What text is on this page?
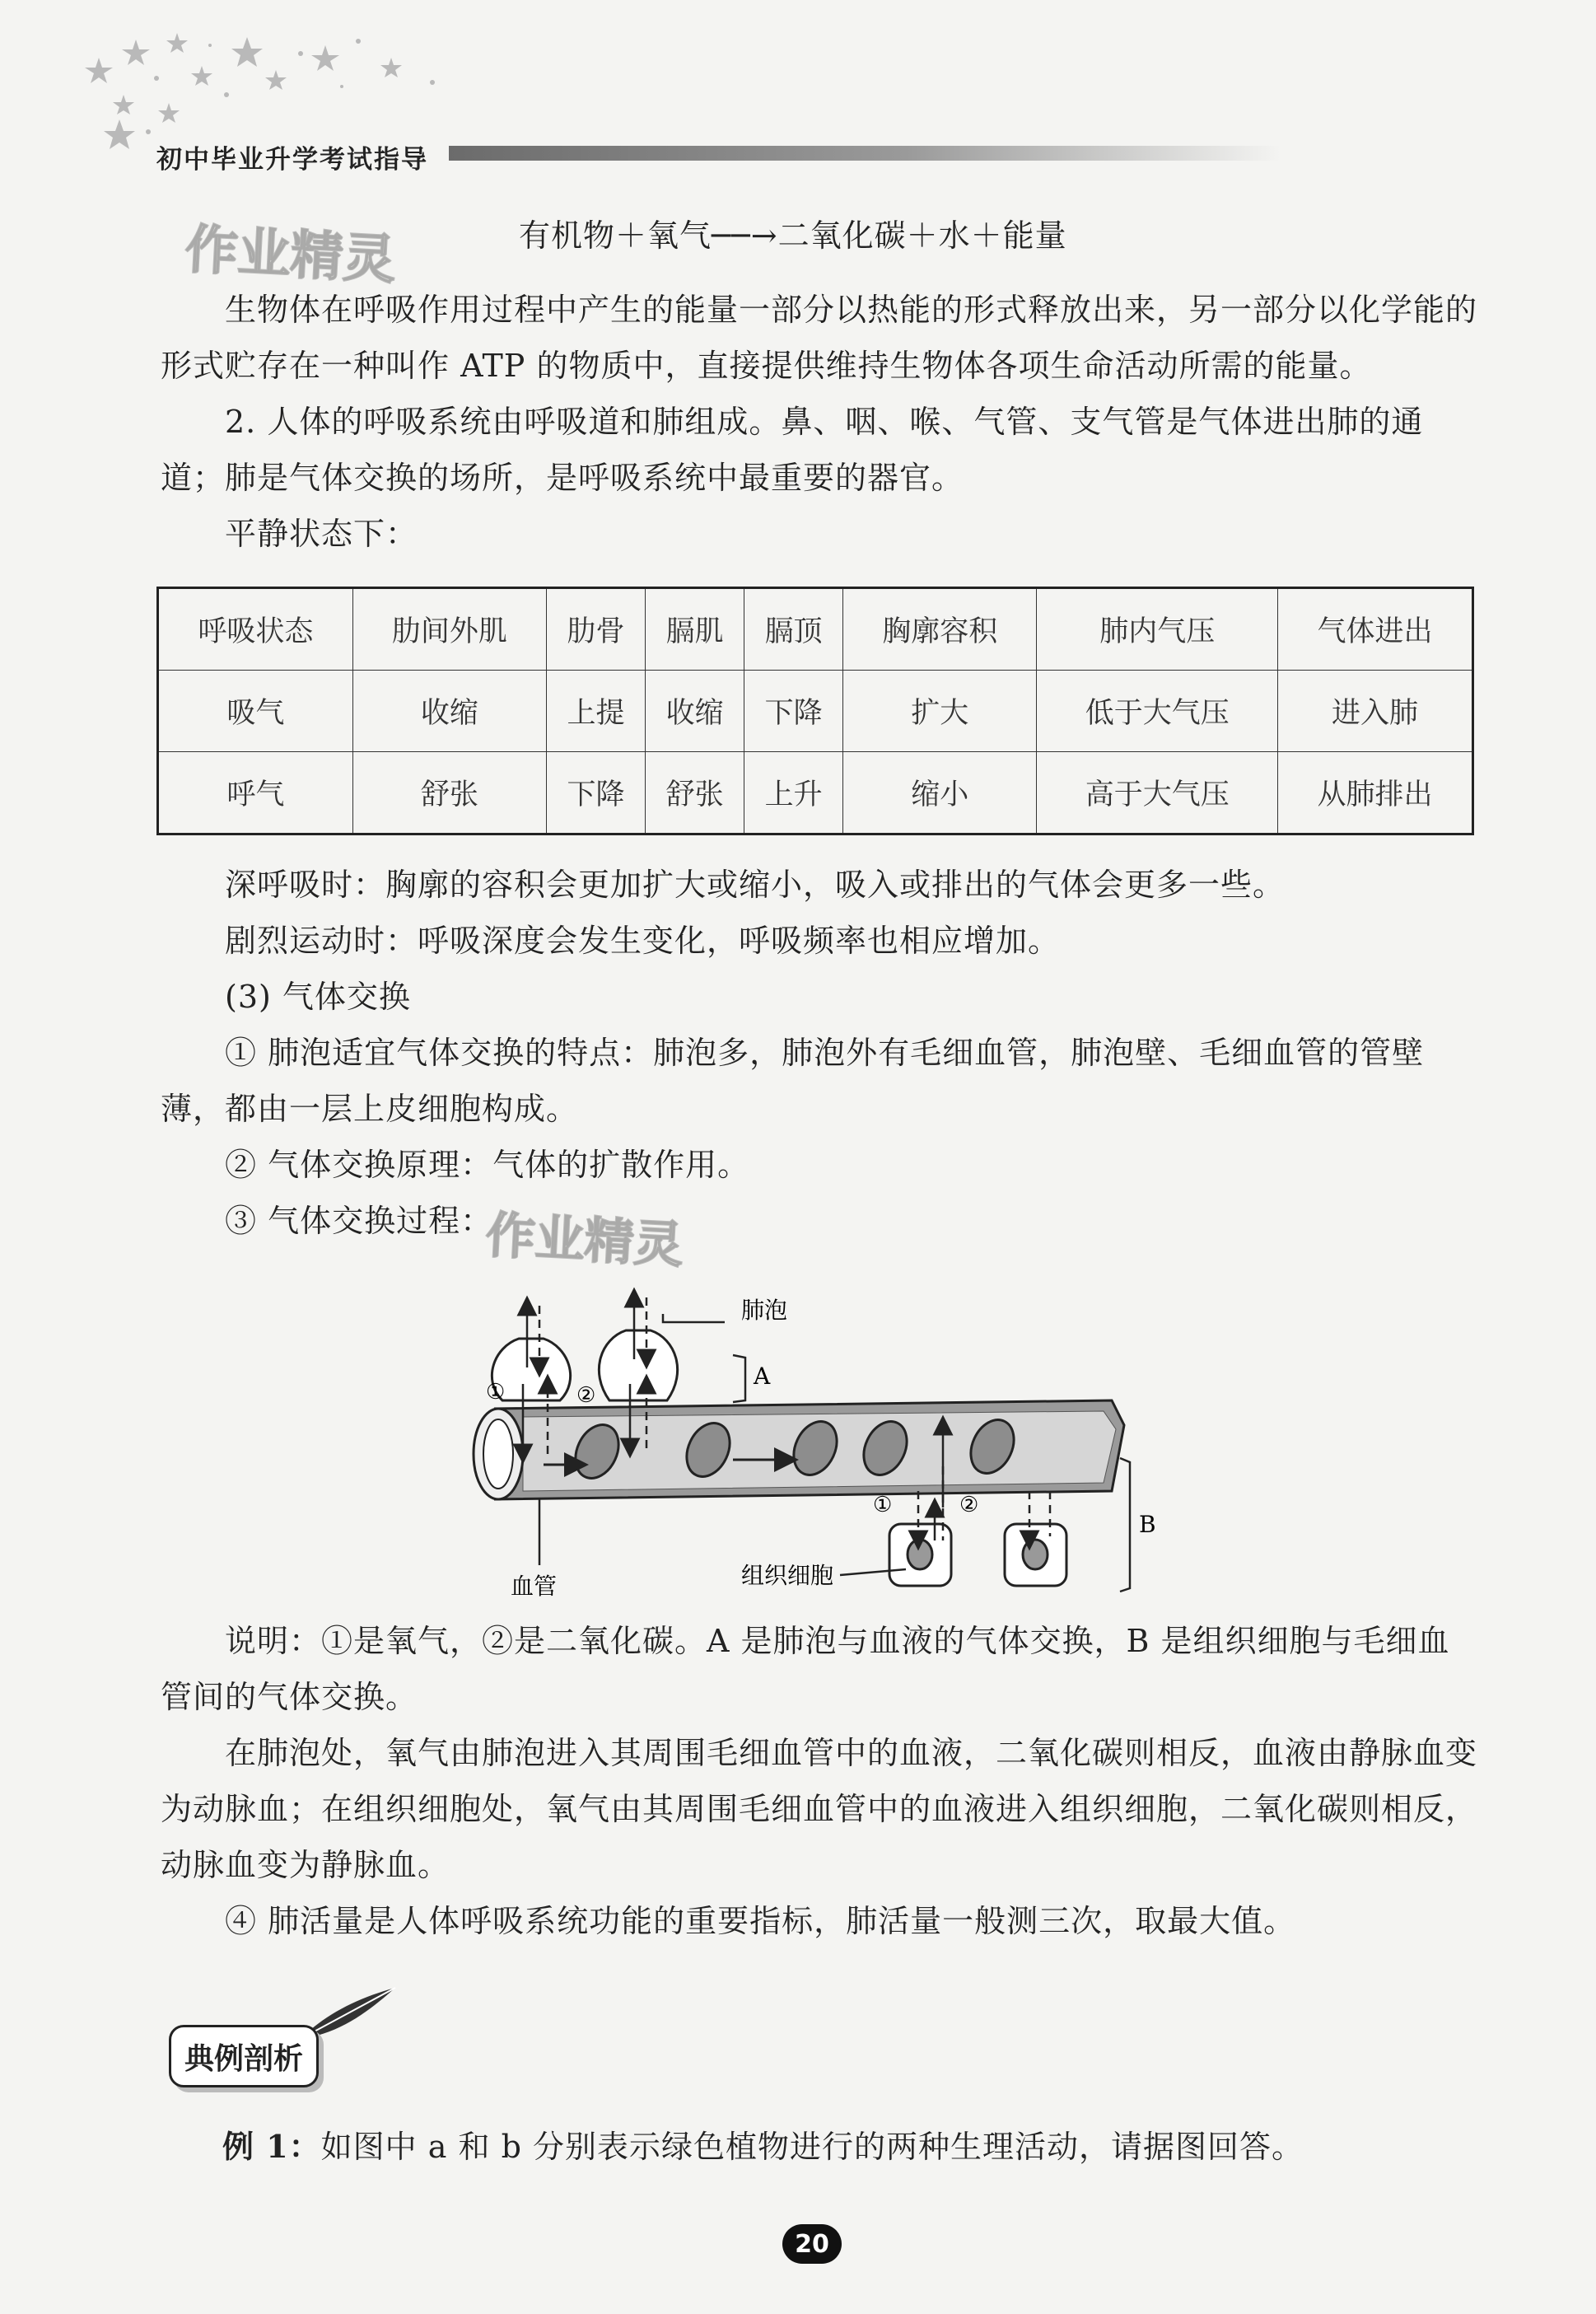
初中毕业升学考试指导
作业精灵
作业精灵
有机物＋氧气──→二氧化碳＋水＋能量

生物体在呼吸作用过程中产生的能量一部分以热能的形式释放出来，另一部分以化学能的形式贮存在一种叫作 ATP 的物质中，直接提供维持生物体各项生命活动所需的能量。

2. 人体的呼吸系统由呼吸道和肺组成。鼻、咽、喉、气管、支气管是气体进出肺的通道；肺是气体交换的场所，是呼吸系统中最重要的器官。

平静状态下：

呼吸状态	肋间外肌	肋骨	膈肌	膈顶	胸廓容积	肺内气压	气体进出
吸气	收缩	上提	收缩	下降	扩大	低于大气压	进入肺
呼气	舒张	下降	舒张	上升	缩小	高于大气压	从肺排出

深呼吸时：胸廓的容积会更加扩大或缩小，吸入或排出的气体会更多一些。

剧烈运动时：呼吸深度会发生变化，呼吸频率也相应增加。

(3) 气体交换

① 肺泡适宜气体交换的特点：肺泡多，肺泡外有毛细血管，肺泡壁、毛细血管的管壁薄，都由一层上皮细胞构成。

② 气体交换原理：气体的扩散作用。

③ 气体交换过程：

A
肺泡
①	②
①	②
B
血管	组织细胞

说明：①是氧气，②是二氧化碳。A 是肺泡与血液的气体交换，B 是组织细胞与毛细血管间的气体交换。

在肺泡处，氧气由肺泡进入其周围毛细血管中的血液，二氧化碳则相反，血液由静脉血变为动脉血；在组织细胞处，氧气由其周围毛细血管中的血液进入组织细胞，二氧化碳则相反，动脉血变为静脉血。

④ 肺活量是人体呼吸系统功能的重要指标，肺活量一般测三次，取最大值。

典例剖析

例 1：如图中 a 和 b 分别表示绿色植物进行的两种生理活动，请据图回答。

20
